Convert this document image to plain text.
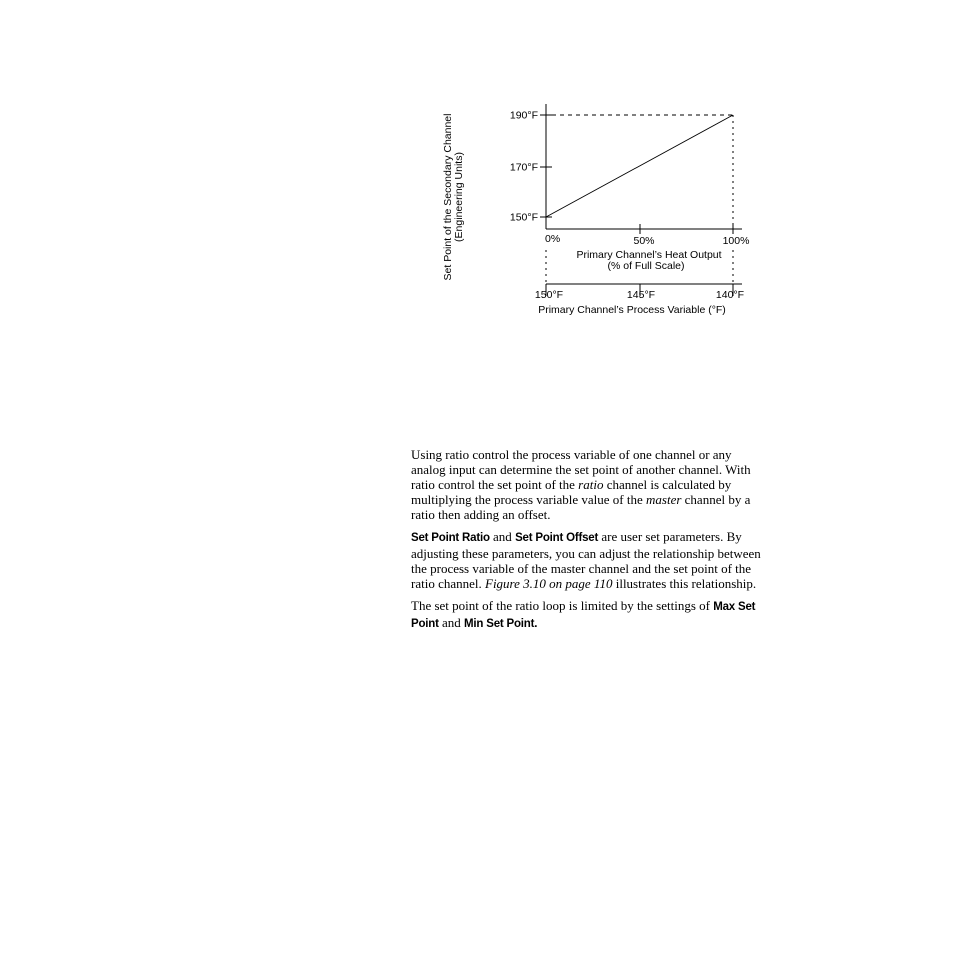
Set Point of the Secondary Channel (Engineering Units)
190°F
170°F
150°F
0%	50%	100%
Primary Channel’s Heat Output
(% of Full Scale)
150°F	145°F	140°F
Primary Channel’s Process Variable (°F)

Using ratio control the process variable of one channel or any analog input can determine the set point of another channel. With ratio control the set point of the ratio channel is calculated by multiplying the process variable value of the master channel by a ratio then adding an offset.

Set Point Ratio and Set Point Offset are user set parameters. By adjusting these parameters, you can adjust the relationship between the process variable of the master channel and the set point of the ratio channel. Figure 3.10 on page 110 illustrates this relationship.

The set point of the ratio loop is limited by the settings of Max Set Point and Min Set Point.
